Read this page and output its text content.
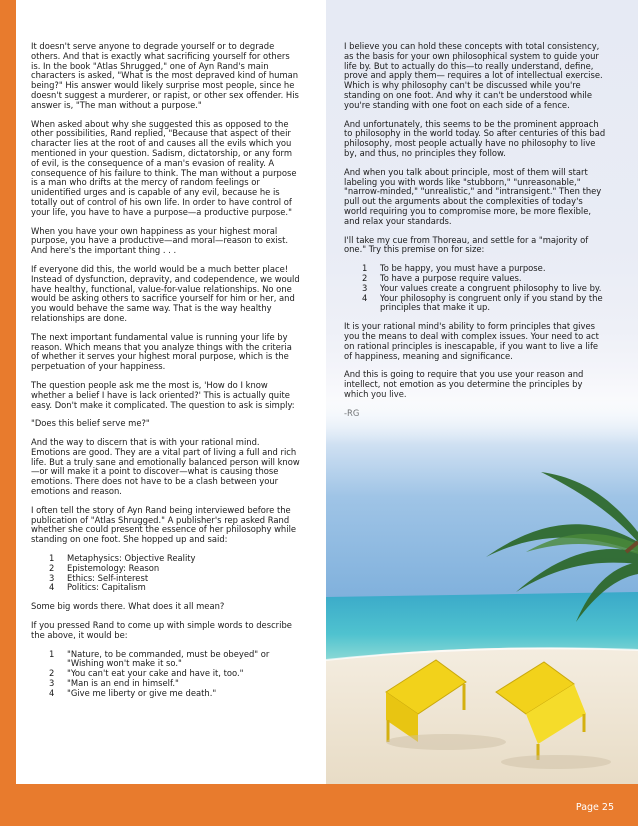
It doesn't serve anyone to degrade yourself or to degrade others. And that is exactly what sacrificing yourself for others is. In the book "Atlas Shrugged," one of Ayn Rand's main characters is asked, "What is the most depraved kind of human being?" His answer would likely surprise most people, since he doesn't suggest a murderer, or rapist, or other sex offender. His answer is, "The man without a purpose."

When asked about why she suggested this as opposed to the other possibilities, Rand replied, "Because that aspect of their character lies at the root of and causes all the evils which you mentioned in your question. Sadism, dictatorship, or any form of evil, is the consequence of a man's evasion of reality. A consequence of his failure to think. The man without a purpose is a man who drifts at the mercy of random feelings or unidentified urges and is capable of any evil, because he is totally out of control of his own life. In order to have control of your life, you have to have a purpose—a productive purpose."

When you have your own happiness as your highest moral purpose, you have a productive—and moral—reason to exist. And here's the important thing . . .

If everyone did this, the world would be a much better place! Instead of dysfunction, depravity, and codependence, we would have healthy, functional, value-for-value relationships. No one would be asking others to sacrifice yourself for him or her, and you would behave the same way. That is the way healthy relationships are done.

The next important fundamental value is running your life by reason. Which means that you analyze things with the criteria of whether it serves your highest moral purpose, which is the perpetuation of your happiness.

The question people ask me the most is, 'How do I know whether a belief I have is lack oriented?' This is actually quite easy. Don't make it complicated. The question to ask is simply:

"Does this belief serve me?"

And the way to discern that is with your rational mind. Emotions are good. They are a vital part of living a full and rich life. But a truly sane and emotionally balanced person will know—or will make it a point to discover—what is causing those emotions. There does not have to be a clash between your emotions and reason.

I often tell the story of Ayn Rand being interviewed before the publication of "Atlas Shrugged." A publisher's rep asked Rand whether she could present the essence of her philosophy while standing on one foot. She hopped up and said:

1	Metaphysics: Objective Reality
2	Epistemology: Reason
3	Ethics: Self-interest
4	Politics: Capitalism

Some big words there. What does it all mean?

If you pressed Rand to come up with simple words to describe the above, it would be:

1	"Nature, to be commanded, must be obeyed" or "Wishing won't make it so."
2	"You can't eat your cake and have it, too."
3	"Man is an end in himself."
4	"Give me liberty or give me death."

I believe you can hold these concepts with total consistency, as the basis for your own philosophical system to guide your life by. But to actually do this—to really understand, define, prove and apply them— requires a lot of intellectual exercise. Which is why philosophy can't be discussed while you're standing on one foot. And why it can't be understood while you're standing with one foot on each side of a fence.

And unfortunately, this seems to be the prominent approach to philosophy in the world today. So after centuries of this bad philosophy, most people actually have no philosophy to live by, and thus, no principles they follow.

And when you talk about principle, most of them will start labeling you with words like "stubborn," "unreasonable," "narrow-minded," "unrealistic," and "intransigent." Then they pull out the arguments about the complexities of today's world requiring you to compromise more, be more flexible, and relax your standards.

I'll take my cue from Thoreau, and settle for a "majority of one." Try this premise on for size:

1	To be happy, you must have a purpose.
2	To have a purpose require values.
3	Your values create a congruent philosophy to live by.
4	Your philosophy is congruent only if you stand by the principles that make it up.

It is your rational mind's ability to form principles that gives you the means to deal with complex issues. Your need to act on rational principles is inescapable, if you want to live a life of happiness, meaning and significance.

And this is going to require that you use your reason and intellect, not emotion as you determine the principles by

Page 25
